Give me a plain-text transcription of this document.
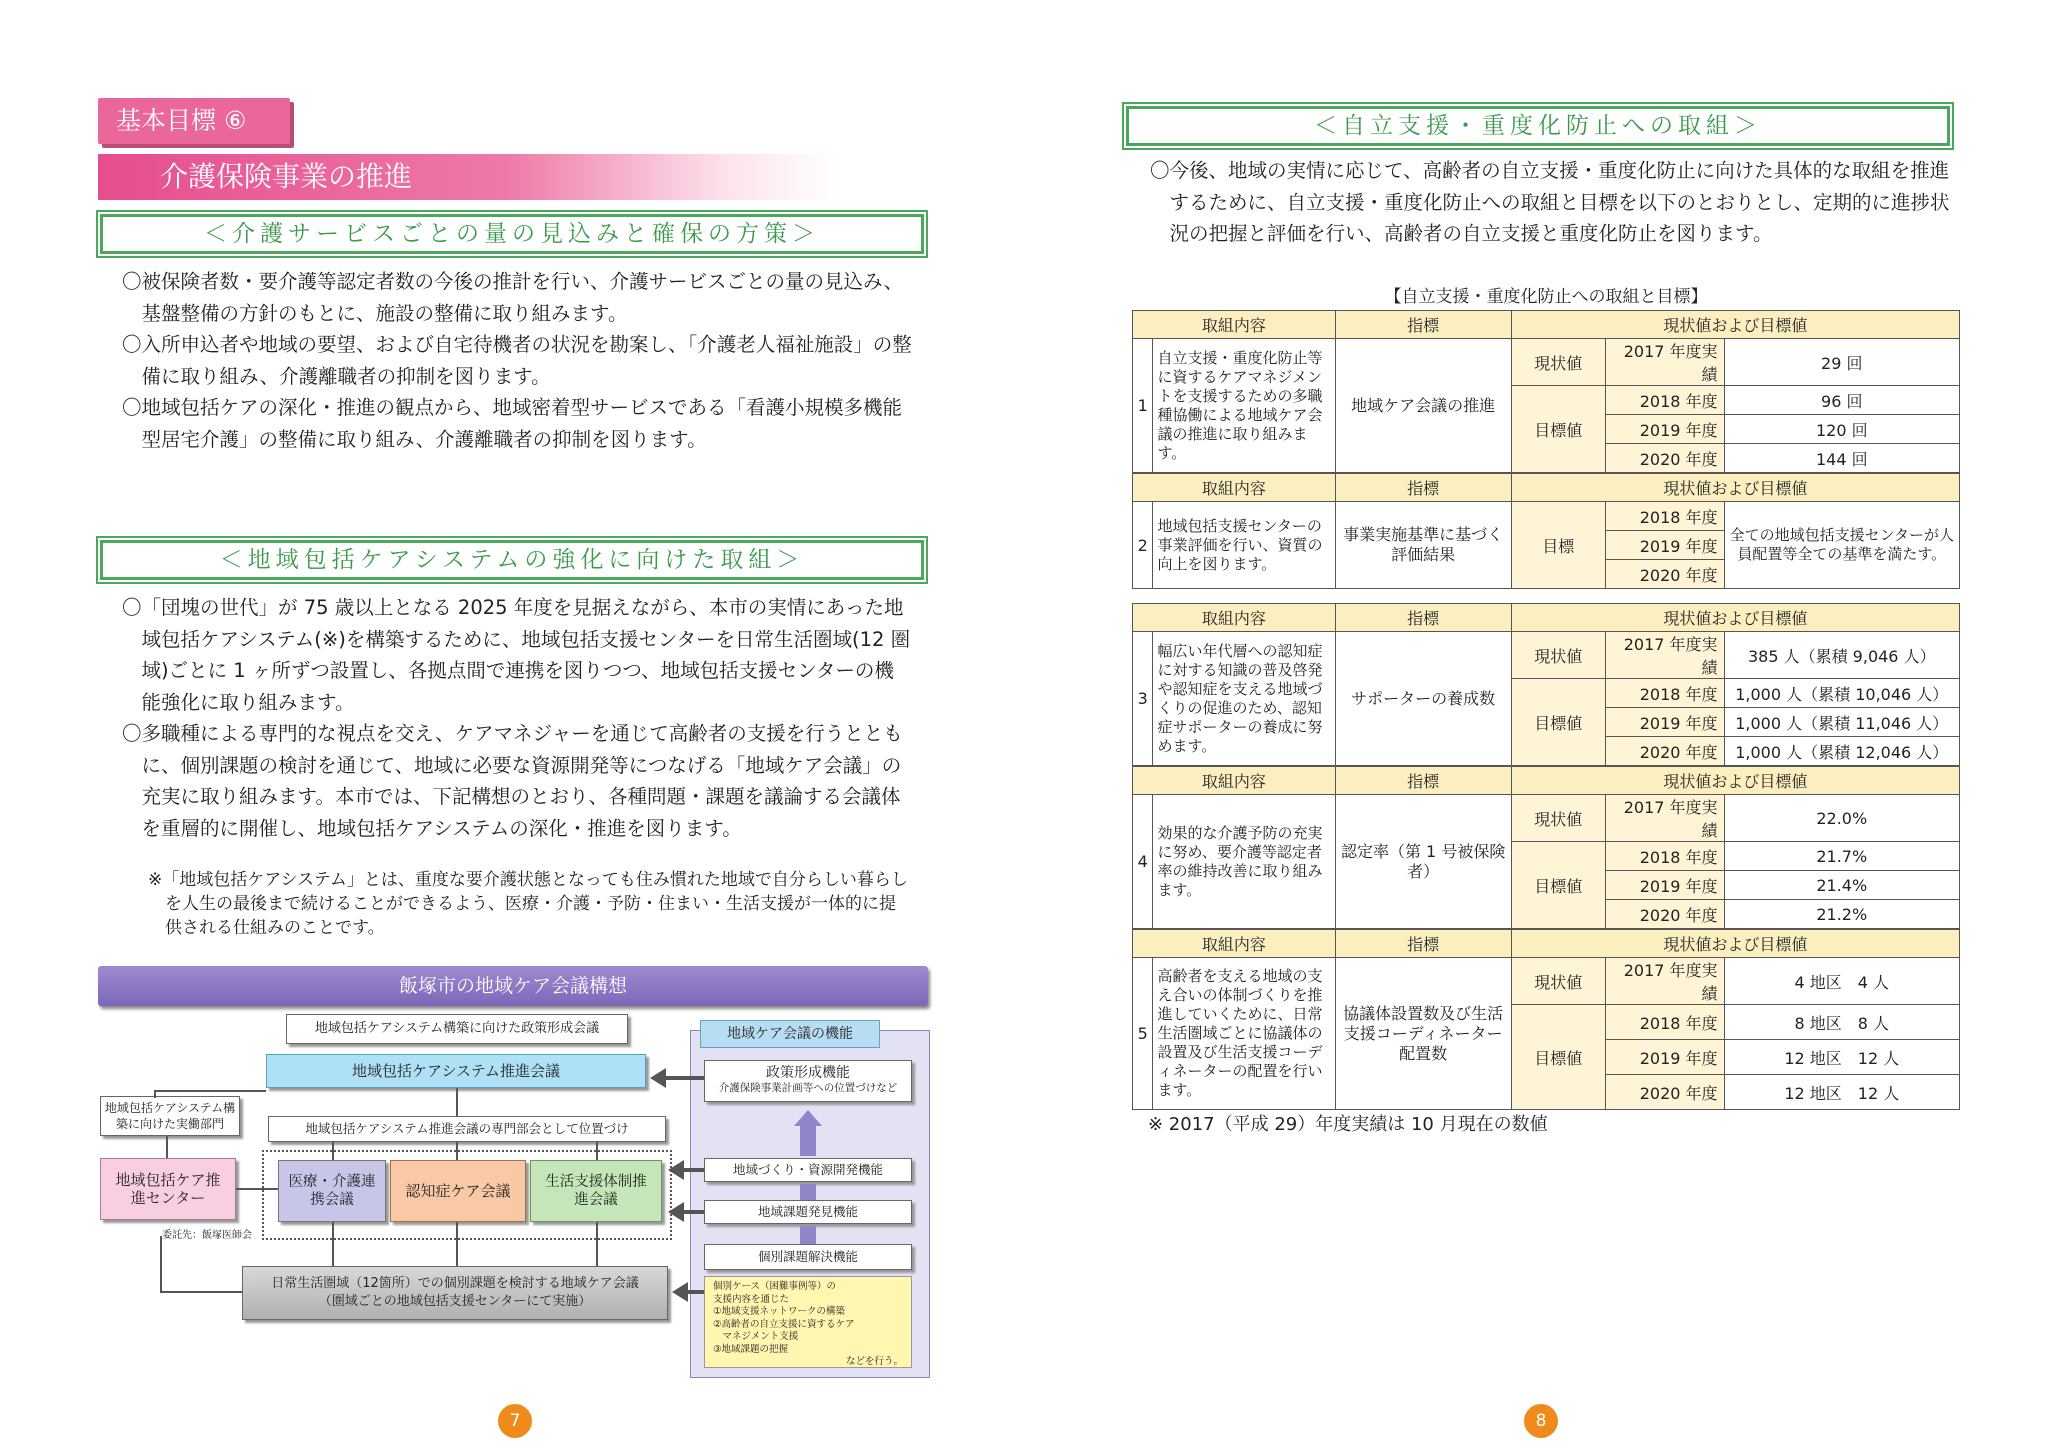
基本目標 ⑥
介護保険事業の推進
＜介護サービスごとの量の見込みと確保の方策＞

〇被保険者数・要介護等認定者数の今後の推計を行い、介護サービスごとの量の見込み、基盤整備の方針のもとに、施設の整備に取り組みます。

〇入所申込者や地域の要望、および自宅待機者の状況を勘案し、「介護老人福祉施設」の整備に取り組み、介護離職者の抑制を図ります。

〇地域包括ケアの深化・推進の観点から、地域密着型サービスである「看護小規模多機能型居宅介護」の整備に取り組み、介護離職者の抑制を図ります。

＜地域包括ケアシステムの強化に向けた取組＞

〇「団塊の世代」が 75 歳以上となる 2025 年度を見据えながら、本市の実情にあった地域包括ケアシステム(※)を構築するために、地域包括支援センターを日常生活圏域(12 圏域)ごとに 1 ヶ所ずつ設置し、各拠点間で連携を図りつつ、地域包括支援センターの機能強化に取り組みます。

〇多職種による専門的な視点を交え、ケアマネジャーを通じて高齢者の支援を行うとともに、個別課題の検討を通じて、地域に必要な資源開発等につなげる「地域ケア会議」の充実に取り組みます。本市では、下記構想のとおり、各種問題・課題を議論する会議体を重層的に開催し、地域包括ケアシステムの深化・推進を図ります。

※「地域包括ケアシステム」とは、重度な要介護状態となっても住み慣れた地域で自分らしい暮らしを人生の最後まで続けることができるよう、医療・介護・予防・住まい・生活支援が一体的に提供される仕組みのことです。
飯塚市の地域ケア会議構想
地域包括ケアシステム構築に向けた政策形成会議
地域包括ケアシステム推進会議
地域包括ケアシステム構築に向けた実働部門	地域包括ケアシステム推進会議の専門部会として位置づけ
地域包括ケア推進センター
医療・介護連携会議	認知症ケア会議	生活支援体制推進会議
委託先：飯塚医師会
日常生活圏域（12箇所）での個別課題を検討する地域ケア会議
（圏域ごとの地域包括支援センターにて実施）
地域ケア会議の機能
政策形成機能
介護保険事業計画等への位置づけなど
地域づくり・資源開発機能
地域課題発見機能
個別課題解決機能
個別ケース（困難事例等）の
支援内容を通じた
①地域支援ネットワークの構築
②高齢者の自立支援に資するケア
　マネジメント支援
③地域課題の把握
などを行う。
7
＜自立支援・重度化防止への取組＞

〇今後、地域の実情に応じて、高齢者の自立支援・重度化防止に向けた具体的な取組を推進するために、自立支援・重度化防止への取組と目標を以下のとおりとし、定期的に進捗状況の把握と評価を行い、高齢者の自立支援と重度化防止を図ります。

【自立支援・重度化防止への取組と目標】
取組内容		指標	現状値および目標値		
1	自立支援・重度化防止等に資するケアマネジメントを支援するための多職種協働による地域ケア会議の推進に取り組みます。	地域ケア会議の推進	現状値	2017 年度実績	29 回
			目標値	2018 年度	96 回
				2019 年度	120 回
				2020 年度	144 回
取組内容		指標	現状値および目標値		
2	地域包括支援センターの事業評価を行い、資質の向上を図ります。	事業実施基準に基づく評価結果	目標	2018 年度	全ての地域包括支援センターが人員配置等全ての基準を満たす。
				2019 年度	
				2020 年度	
取組内容		指標	現状値および目標値		
3	幅広い年代層への認知症に対する知識の普及啓発や認知症を支える地域づくりの促進のため、認知症サポーターの養成に努めます。	サポーターの養成数	現状値	2017 年度実績	385 人（累積 9,046 人）
			目標値	2018 年度	1,000 人（累積 10,046 人）
				2019 年度	1,000 人（累積 11,046 人）
				2020 年度	1,000 人（累積 12,046 人）
取組内容		指標	現状値および目標値		
4	効果的な介護予防の充実に努め、要介護等認定者率の維持改善に取り組みます。	認定率（第 1 号被保険者）	現状値	2017 年度実績	22.0%
			目標値	2018 年度	21.7%
				2019 年度	21.4%
				2020 年度	21.2%
取組内容		指標	現状値および目標値		
5	高齢者を支える地域の支え合いの体制づくりを推進していくために、日常生活圏域ごとに協議体の設置及び生活支援コーディネーターの配置を行います。	協議体設置数及び生活支援コーディネーター配置数	現状値	2017 年度実績	4 地区　4 人
			目標値	2018 年度	8 地区　8 人
				2019 年度	12 地区　12 人
				2020 年度	12 地区　12 人
※ 2017（平成 29）年度実績は 10 月現在の数値
8
